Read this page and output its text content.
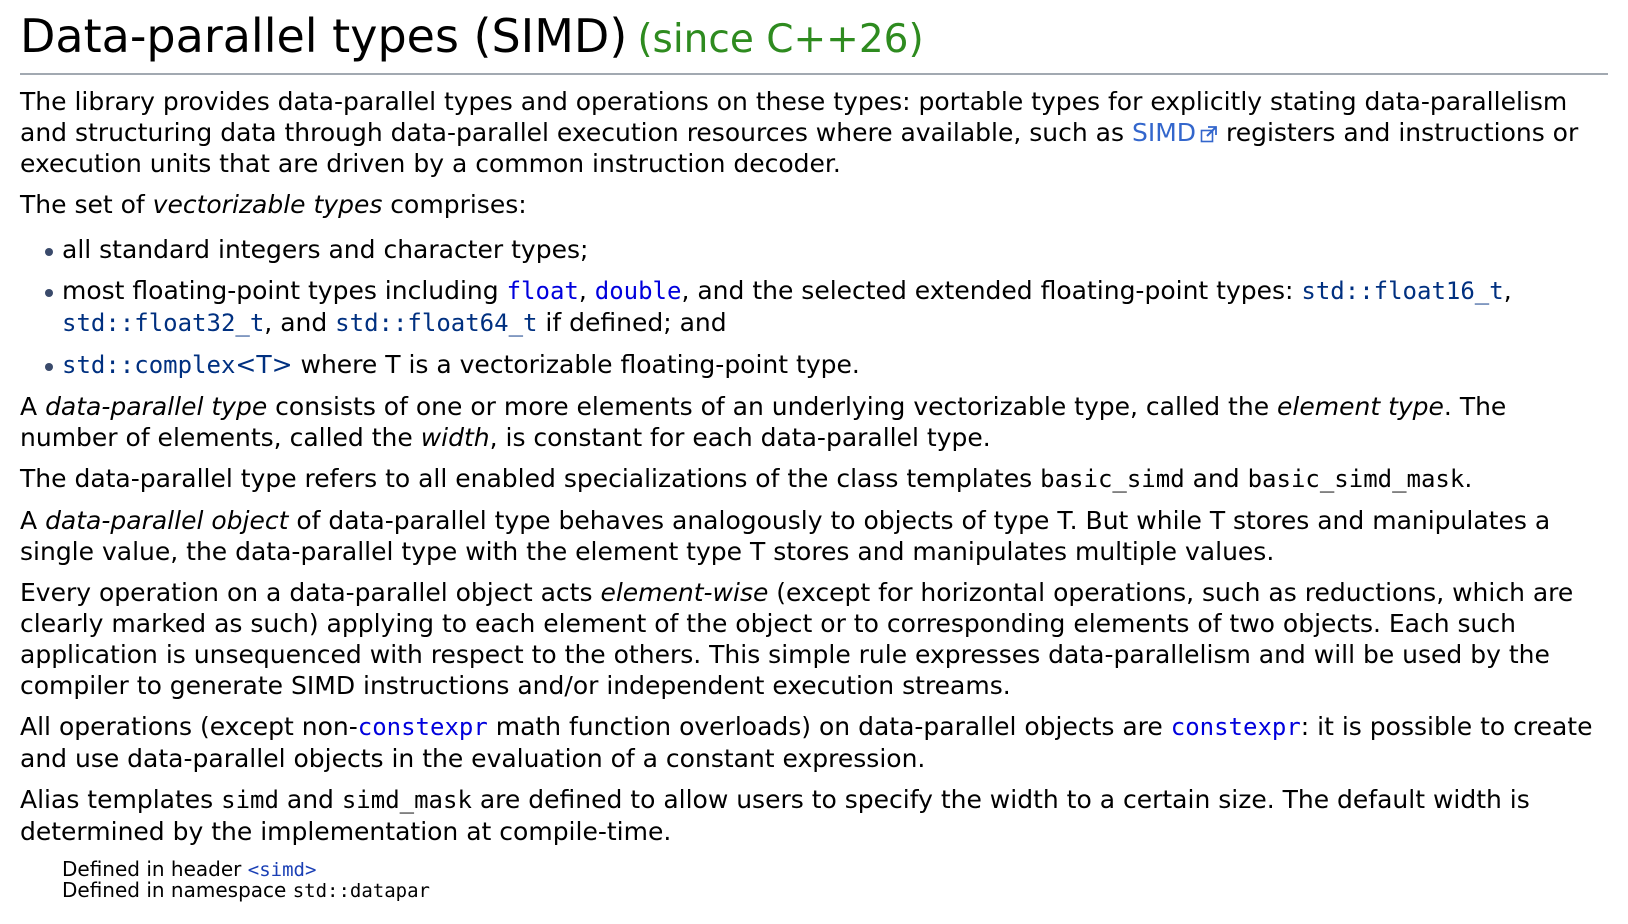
Data-parallel types (SIMD) (since C++26)

The library provides data-parallel types and operations on these types: portable types for explicitly stating data-parallelism and structuring data through data-parallel execution resources where available, such as SIMD registers and instructions or execution units that are driven by a common instruction decoder.

The set of vectorizable types comprises:

all standard integers and character types;
most floating-point types including float, double, and the selected extended floating-point types: std::float16_t, std::float32_t, and std::float64_t if defined; and
std::complex<T> where T is a vectorizable floating-point type.

A data-parallel type consists of one or more elements of an underlying vectorizable type, called the element type. The number of elements, called the width, is constant for each data-parallel type.

The data-parallel type refers to all enabled specializations of the class templates basic_simd and basic_simd_mask.

A data-parallel object of data-parallel type behaves analogously to objects of type T. But while T stores and manipulates a single value, the data-parallel type with the element type T stores and manipulates multiple values.

Every operation on a data-parallel object acts element-wise (except for horizontal operations, such as reductions, which are clearly marked as such) applying to each element of the object or to corresponding elements of two objects. Each such application is unsequenced with respect to the others. This simple rule expresses data-parallelism and will be used by the compiler to generate SIMD instructions and/or independent execution streams.

All operations (except non-constexpr math function overloads) on data-parallel objects are constexpr: it is possible to create and use data-parallel objects in the evaluation of a constant expression.

Alias templates simd and simd_mask are defined to allow users to specify the width to a certain size. The default width is determined by the implementation at compile-time.

Defined in header <simd>
Defined in namespace std::datapar
